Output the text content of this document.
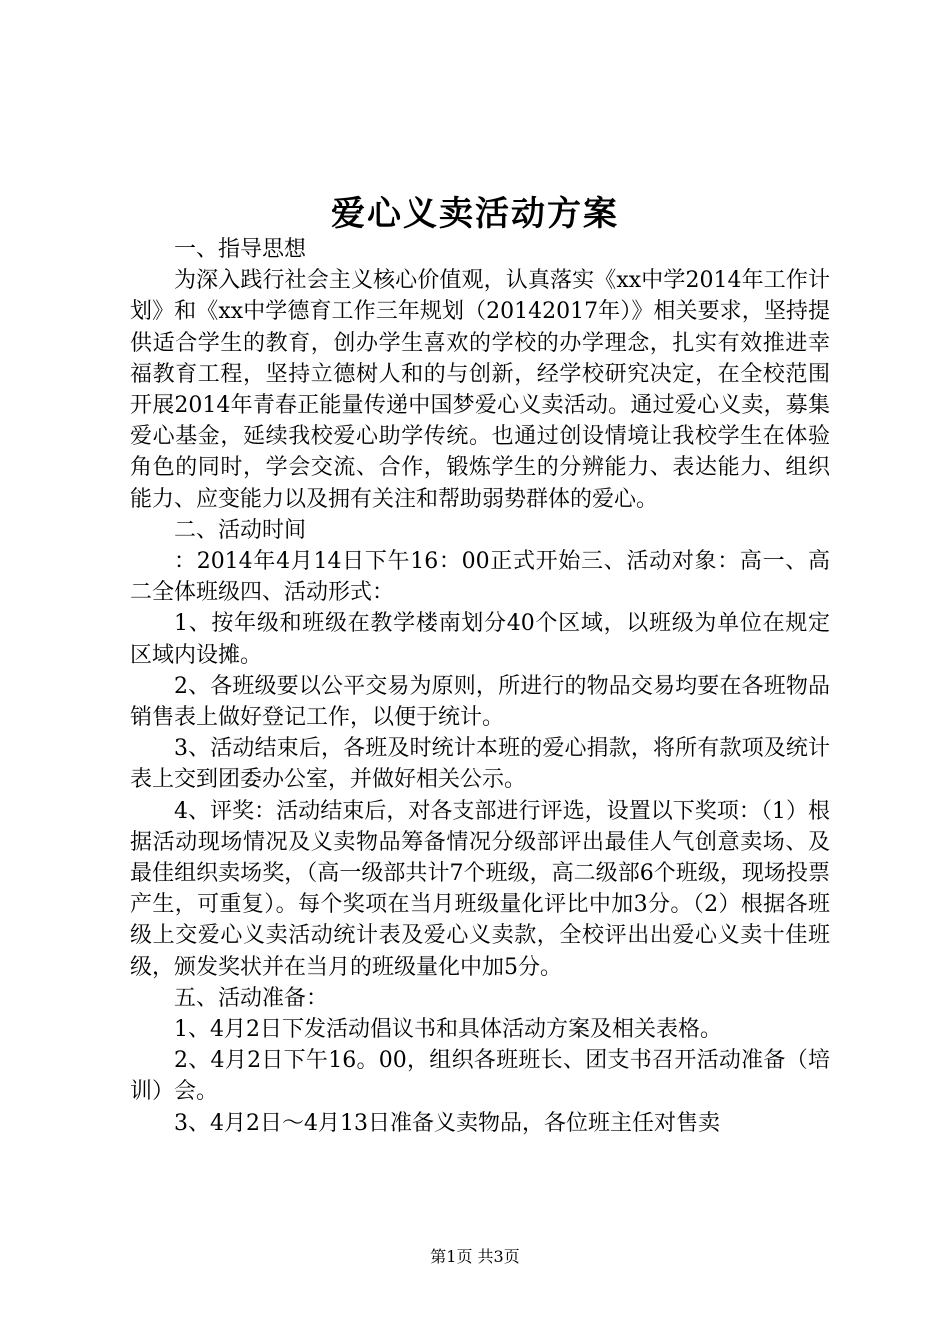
爱心义卖活动方案

一、指导思想

为深入践行社会主义核心价值观，认真落实《xx中学2014年工作计划》和《xx中学德育工作三年规划（20142017年）》相关要求，坚持提供适合学生的教育，创办学生喜欢的学校的办学理念，扎实有效推进幸福教育工程，坚持立德树人和的与创新，经学校研究决定，在全校范围开展2014年青春正能量传递中国梦爱心义卖活动。通过爱心义卖，募集爱心基金，延续我校爱心助学传统。也通过创设情境让我校学生在体验角色的同时，学会交流、合作，锻炼学生的分辨能力、表达能力、组织能力、应变能力以及拥有关注和帮助弱势群体的爱心。

二、活动时间

：2014年4月14日下午16：00正式开始三、活动对象：高一、高二全体班级四、活动形式：

1、按年级和班级在教学楼南划分40个区域，以班级为单位在规定区域内设摊。

2、各班级要以公平交易为原则，所进行的物品交易均要在各班物品销售表上做好登记工作，以便于统计。

3、活动结束后，各班及时统计本班的爱心捐款，将所有款项及统计表上交到团委办公室，并做好相关公示。

4、评奖：活动结束后，对各支部进行评选，设置以下奖项：（1）根据活动现场情况及义卖物品筹备情况分级部评出最佳人气创意卖场、及最佳组织卖场奖，（高一级部共计7个班级，高二级部6个班级，现场投票产生，可重复）。每个奖项在当月班级量化评比中加3分。（2）根据各班级上交爱心义卖活动统计表及爱心义卖款，全校评出出爱心义卖十佳班级，颁发奖状并在当月的班级量化中加5分。

五、活动准备：

1、4月2日下发活动倡议书和具体活动方案及相关表格。

2、4月2日下午16。00，组织各班班长、团支书召开活动准备（培训）会。

3、4月2日～4月13日准备义卖物品，各位班主任对售卖

第1页 共3页
